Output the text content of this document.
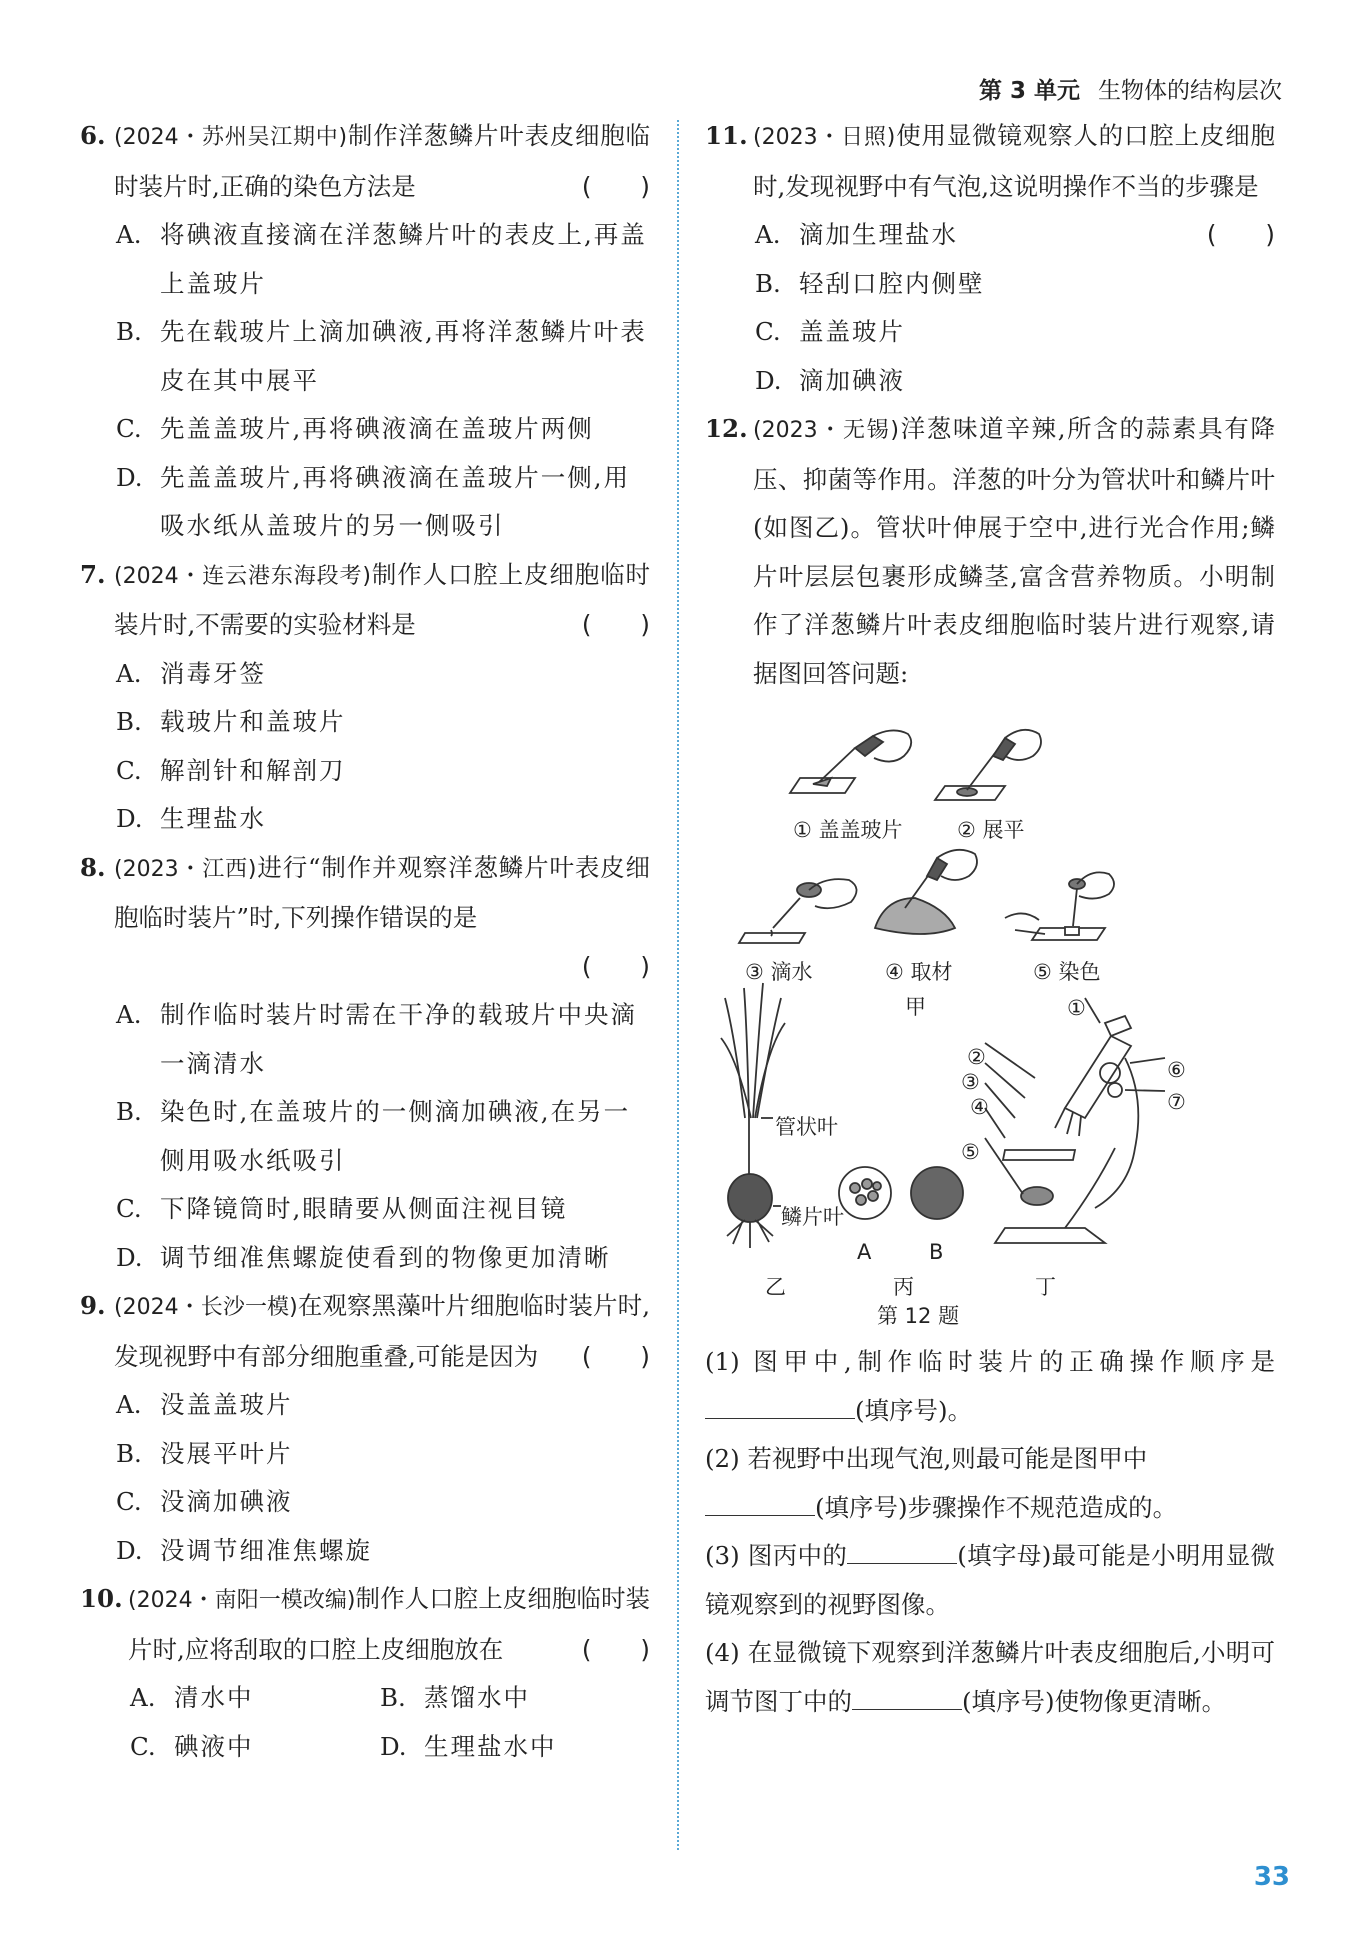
第 3 单元 生物体的结构层次
6. (2024・苏州吴江期中)制作洋葱鳞片叶表皮细胞临时装片时,正确的染色方法是	(　　)
A. 将碘液直接滴在洋葱鳞片叶的表皮上,再盖上盖玻片
B. 先在载玻片上滴加碘液,再将洋葱鳞片叶表皮在其中展平
C. 先盖盖玻片,再将碘液滴在盖玻片两侧
D. 先盖盖玻片,再将碘液滴在盖玻片一侧,用吸水纸从盖玻片的另一侧吸引
7. (2024・连云港东海段考)制作人口腔上皮细胞临时装片时,不需要的实验材料是	(　　)
A. 消毒牙签
B. 载玻片和盖玻片
C. 解剖针和解剖刀
D. 生理盐水
8. (2023・江西)进行“制作并观察洋葱鳞片叶表皮细胞临时装片”时,下列操作错误的是

(　　)

A. 制作临时装片时需在干净的载玻片中央滴一滴清水
B. 染色时,在盖玻片的一侧滴加碘液,在另一侧用吸水纸吸引
C. 下降镜筒时,眼睛要从侧面注视目镜
D. 调节细准焦螺旋使看到的物像更加清晰
9. (2024・长沙一模)在观察黑藻叶片细胞临时装片时,发现视野中有部分细胞重叠,可能是因为 (　　)
A. 没盖盖玻片
B. 没展平叶片
C. 没滴加碘液
D. 没调节细准焦螺旋
10. (2024・南阳一模改编)制作人口腔上皮细胞临时装片时,应将刮取的口腔上皮细胞放在	(　　)
A. 清水中	B. 蒸馏水中
C. 碘液中	D. 生理盐水中
11. (2023・日照)使用显微镜观察人的口腔上皮细胞时,发现视野中有气泡,这说明操作不当的步骤是
(　　)
A. 滴加生理盐水
B. 轻刮口腔内侧壁
C. 盖盖玻片
D. 滴加碘液
12. (2023・无锡)洋葱味道辛辣,所含的蒜素具有降压、抑菌等作用。洋葱的叶分为管状叶和鳞片叶(如图乙)。管状叶伸展于空中,进行光合作用;鳞片叶层层包裹形成鳞茎,富含营养物质。小明制作了洋葱鳞片叶表皮细胞临时装片进行观察,请据图回答问题:
① 盖盖玻片	② 展平
③ 滴水	④ 取材	⑤ 染色
甲
管状叶
鳞片叶
A	B
乙	丙	丁
第 12 题
①
②
③
④
⑤
⑥
⑦
(1) 图甲中,制作临时装片的正确操作顺序是(填序号)。
(2) 若视野中出现气泡,则最可能是图甲中
(填序号)步骤操作不规范造成的。
(3) 图丙中的	(填字母)最可能是小明用显微镜观察到的视野图像。
(4) 在显微镜下观察到洋葱鳞片叶表皮细胞后,小明可调节图丁中的	(填序号)使物像更清晰。
33
